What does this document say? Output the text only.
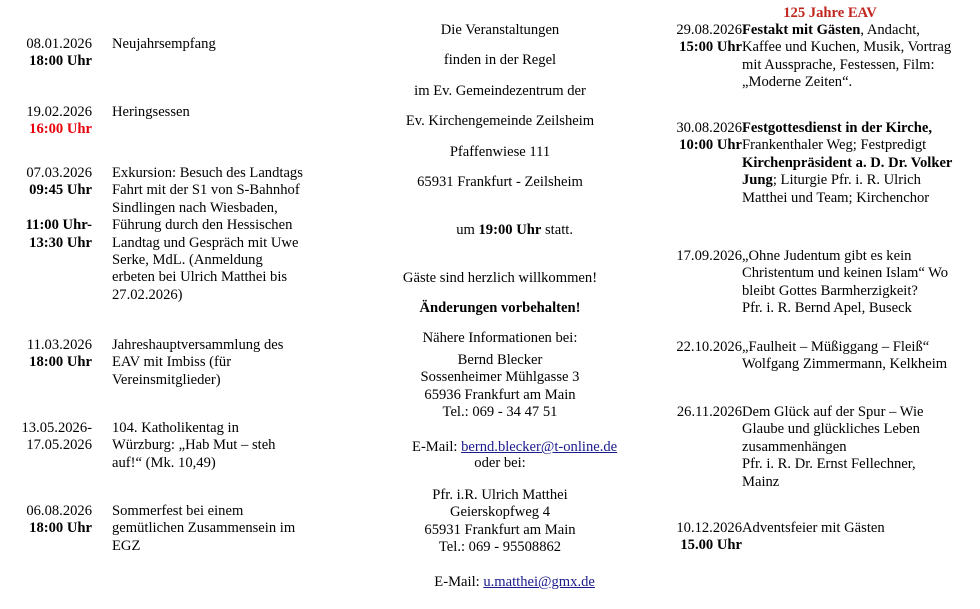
08.01.2026
18:00 Uhr
Neujahrsempfang
19.02.2026
16:00 Uhr
Heringsessen
07.03.2026
09:45 Uhr
11:00 Uhr-
13:30 Uhr
Exkursion: Besuch des Landtags
Fahrt mit der S1 von S-Bahnhof
Sindlingen nach Wiesbaden,
Führung durch den Hessischen
Landtag und Gespräch mit Uwe
Serke, MdL. (Anmeldung
erbeten bei Ulrich Matthei bis
27.02.2026)
11.03.2026
18:00 Uhr
Jahreshauptversammlung des
EAV mit Imbiss (für
Vereinsmitglieder)
13.05.2026-
17.05.2026
104. Katholikentag in
Würzburg: „Hab Mut – steh
auf!“ (Mk. 10,49)
06.08.2026
18:00 Uhr
Sommerfest bei einem
gemütlichen Zusammensein im
EGZ
Die Veranstaltungen
finden in der Regel
im Ev. Gemeindezentrum der
Ev. Kirchengemeinde Zeilsheim
Pfaffenwiese 111
65931 Frankfurt - Zeilsheim

um 19:00 Uhr statt.

Gäste sind herzlich willkommen!
Änderungen vorbehalten!
Nähere Informationen bei:
Bernd Blecker
Sossenheimer Mühlgasse 3
65936 Frankfurt am Main
Tel.: 069 - 34 47 51

E-Mail: bernd.blecker@t-online.de

oder bei:
Pfr. i.R. Ulrich Matthei
Geierskopfweg 4
65931 Frankfurt am Main
Tel.: 069 - 95508862

E-Mail: u.matthei@gmx.de

125 Jahre EAV
29.08.2026
15:00 Uhr
Festakt mit Gästen, Andacht,
Kaffee und Kuchen, Musik, Vortrag
mit Aussprache, Festessen, Film:
„Moderne Zeiten“.
30.08.2026
10:00 Uhr
Festgottesdienst in der Kirche,
Frankenthaler Weg; Festpredigt
Kirchenpräsident a. D. Dr. Volker
Jung; Liturgie Pfr. i. R. Ulrich
Matthei und Team; Kirchenchor
17.09.2026 „Ohne Judentum gibt es kein
Christentum und keinen Islam“ Wo
bleibt Gottes Barmherzigkeit?
Pfr. i. R. Bernd Apel, Buseck
22.10.2026 „Faulheit – Müßiggang – Fleiß“
Wolfgang Zimmermann, Kelkheim
26.11.2026 Dem Glück auf der Spur – Wie
Glaube und glückliches Leben
zusammenhängen
Pfr. i. R. Dr. Ernst Fellechner,
Mainz
10.12.2026
15.00 Uhr
Adventsfeier mit Gästen
